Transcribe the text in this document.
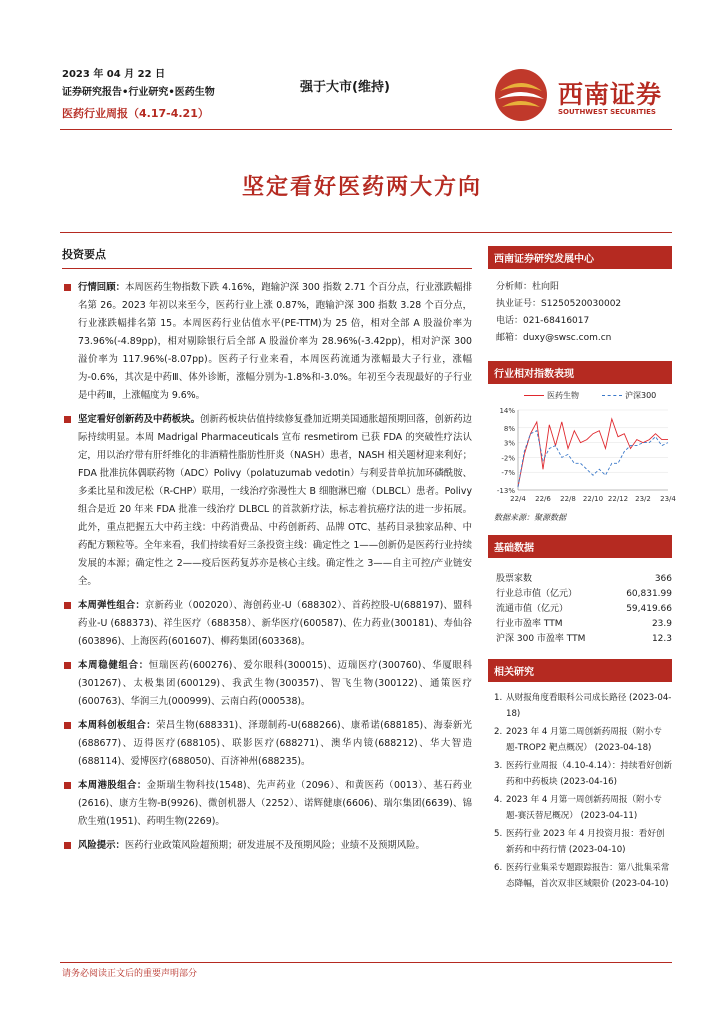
2023 年 04 月 22 日
证券研究报告•行业研究•医药生物
医药行业周报（4.17-4.21）
强于大市(维持)	西南证券
SOUTHWEST SECURITIES
坚定看好医药两大方向
投资要点
行情回顾：本周医药生物指数下跌 4.16%，跑输沪深 300 指数 2.71 个百分点，行业涨跌幅排名第 26。2023 年初以来至今，医药行业上涨 0.87%，跑输沪深 300 指数 3.28 个百分点，行业涨跌幅排名第 15。本周医药行业估值水平(PE-TTM)为 25 倍，相对全部 A 股溢价率为 73.96%(-4.89pp)，相对剔除银行后全部 A 股溢价率为 28.96%(-3.42pp)，相对沪深 300 溢价率为 117.96%(-8.07pp)。医药子行业来看，本周医药流通为涨幅最大子行业，涨幅为-0.6%，其次是中药Ⅲ、体外诊断，涨幅分别为-1.8%和-3.0%。年初至今表现最好的子行业是中药Ⅲ，上涨幅度为 9.6%。
坚定看好创新药及中药板块。创新药板块估值持续修复叠加近期美国通胀超预期回落，创新药边际持续明显。本周 Madrigal Pharmaceuticals 宣布 resmetirom 已获 FDA 的突破性疗法认定，用以治疗带有肝纤维化的非酒精性脂肪性肝炎（NASH）患者，NASH 相关题材迎来利好；FDA 批准抗体偶联药物（ADC）Polivy（polatuzumab vedotin）与利妥昔单抗加环磷酰胺、多柔比星和泼尼松（R-CHP）联用，一线治疗弥漫性大 B 细胞淋巴瘤（DLBCL）患者。Polivy 组合是近 20 年来 FDA 批准一线治疗 DLBCL 的首款新疗法，标志着抗癌疗法的进一步拓展。此外，重点把握五大中药主线：中药消费品、中药创新药、品牌 OTC、基药目录独家品种、中药配方颗粒等。全年来看，我们持续看好三条投资主线：确定性之 1——创新仍是医药行业持续发展的本源；确定性之 2——疫后医药复苏亦是核心主线。确定性之 3——自主可控/产业链安全。
本周弹性组合：京新药业（002020）、海创药业-U（688302）、首药控股-U(688197)、盟科药业-U (688373)、祥生医疗（688358）、新华医疗(600587)、佐力药业(300181)、寿仙谷(603896)、上海医药(601607)、柳药集团(603368)。
本周稳健组合：恒瑞医药(600276)、爱尔眼科(300015)、迈瑞医疗(300760)、华厦眼科(301267)、太极集团(600129)、我武生物(300357)、智飞生物(300122)、通策医疗(600763)、华润三九(000999)、云南白药(000538)。
本周科创板组合：荣昌生物(688331)、泽璟制药-U(688266)、康希诺(688185)、海泰新光(688677)、迈得医疗(688105)、联影医疗(688271)、澳华内镜(688212)、华大智造(688114)、爱博医疗(688050)、百济神州(688235)。
本周港股组合：金斯瑞生物科技(1548)、先声药业（2096）、和黄医药（0013）、基石药业(2616)、康方生物-B(9926)、微创机器人（2252）、诺辉健康(6606)、瑞尔集团(6639)、锦欣生殖(1951)、药明生物(2269)。
风险提示：医药行业政策风险超预期；研发进展不及预期风险；业绩不及预期风险。
西南证券研究发展中心
分析师：杜向阳
执业证号：S1250520030002
电话：021-68416017
邮箱：duxy@swsc.com.cn
行业相对指数表现
医药生物	沪深300
14%
8%
3%
-2%
-7%
-13%
22/4 22/6 22/8 22/10 22/12 23/2 23/4
数据来源：聚源数据
基础数据
股票家数	366
行业总市值（亿元）	60,831.99
流通市值（亿元）	59,419.66
行业市盈率 TTM	23.9
沪深 300 市盈率 TTM	12.3
相关研究
1. 从财报角度看眼科公司成长路径 (2023-04-18)
2. 2023 年 4 月第二周创新药周报（附小专题-TROP2 靶点概况） (2023-04-18)
3. 医药行业周报（4.10-4.14）：持续看好创新药和中药板块 (2023-04-16)
4. 2023 年 4 月第一周创新药周报（附小专题-赛沃替尼概况） (2023-04-11)
5. 医药行业 2023 年 4 月投资月报：看好创新药和中药行情 (2023-04-10)
6. 医药行业集采专题跟踪报告：第八批集采常态降幅，首次双非区域限价 (2023-04-10)
请务必阅读正文后的重要声明部分
